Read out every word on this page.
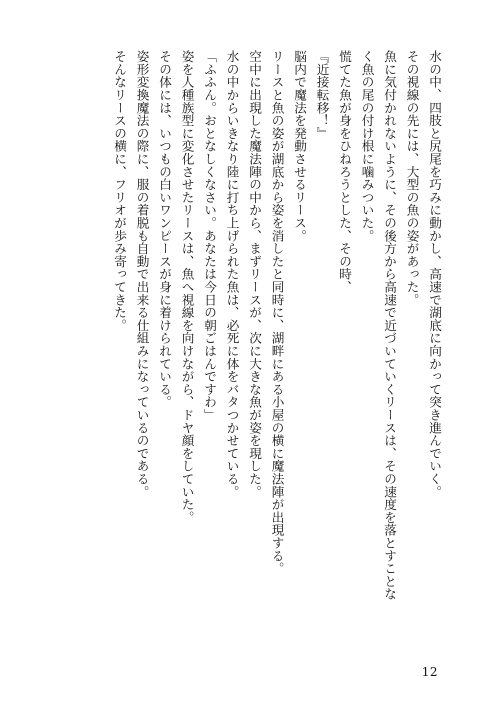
水の中、四肢と尻尾を巧みに動かし、高速で湖底に向かって突き進んでいく。

その視線の先には、大型の魚の姿があった。

魚に気付かれないように、その後方から高速で近づいていくリースは、その速度を落とすことな

く魚の尾の付け根に噛みついた。

慌てた魚が身をひねろうとした、その時、

『近接転移！』

脳内で魔法を発動させるリース。

リースと魚の姿が湖底から姿を消したと同時に、湖畔にある小屋の横に魔法陣が出現する。

空中に出現した魔法陣の中から、まずリースが、次に大きな魚が姿を現した。

水の中からいきなり陸に打ち上げられた魚は、必死に体をバタつかせている。

「ふふん。おとなしくなさい。あなたは今日の朝ごはんですわ」

姿を人種族型に変化させたリースは、魚へ視線を向けながら、ドヤ顔をしていた。

その体には、いつもの白いワンピースが身に着けられている。

姿形変換魔法の際に、服の着脱も自動で出来る仕組みになっているのである。

そんなリースの横に、フリオが歩み寄ってきた。

12
